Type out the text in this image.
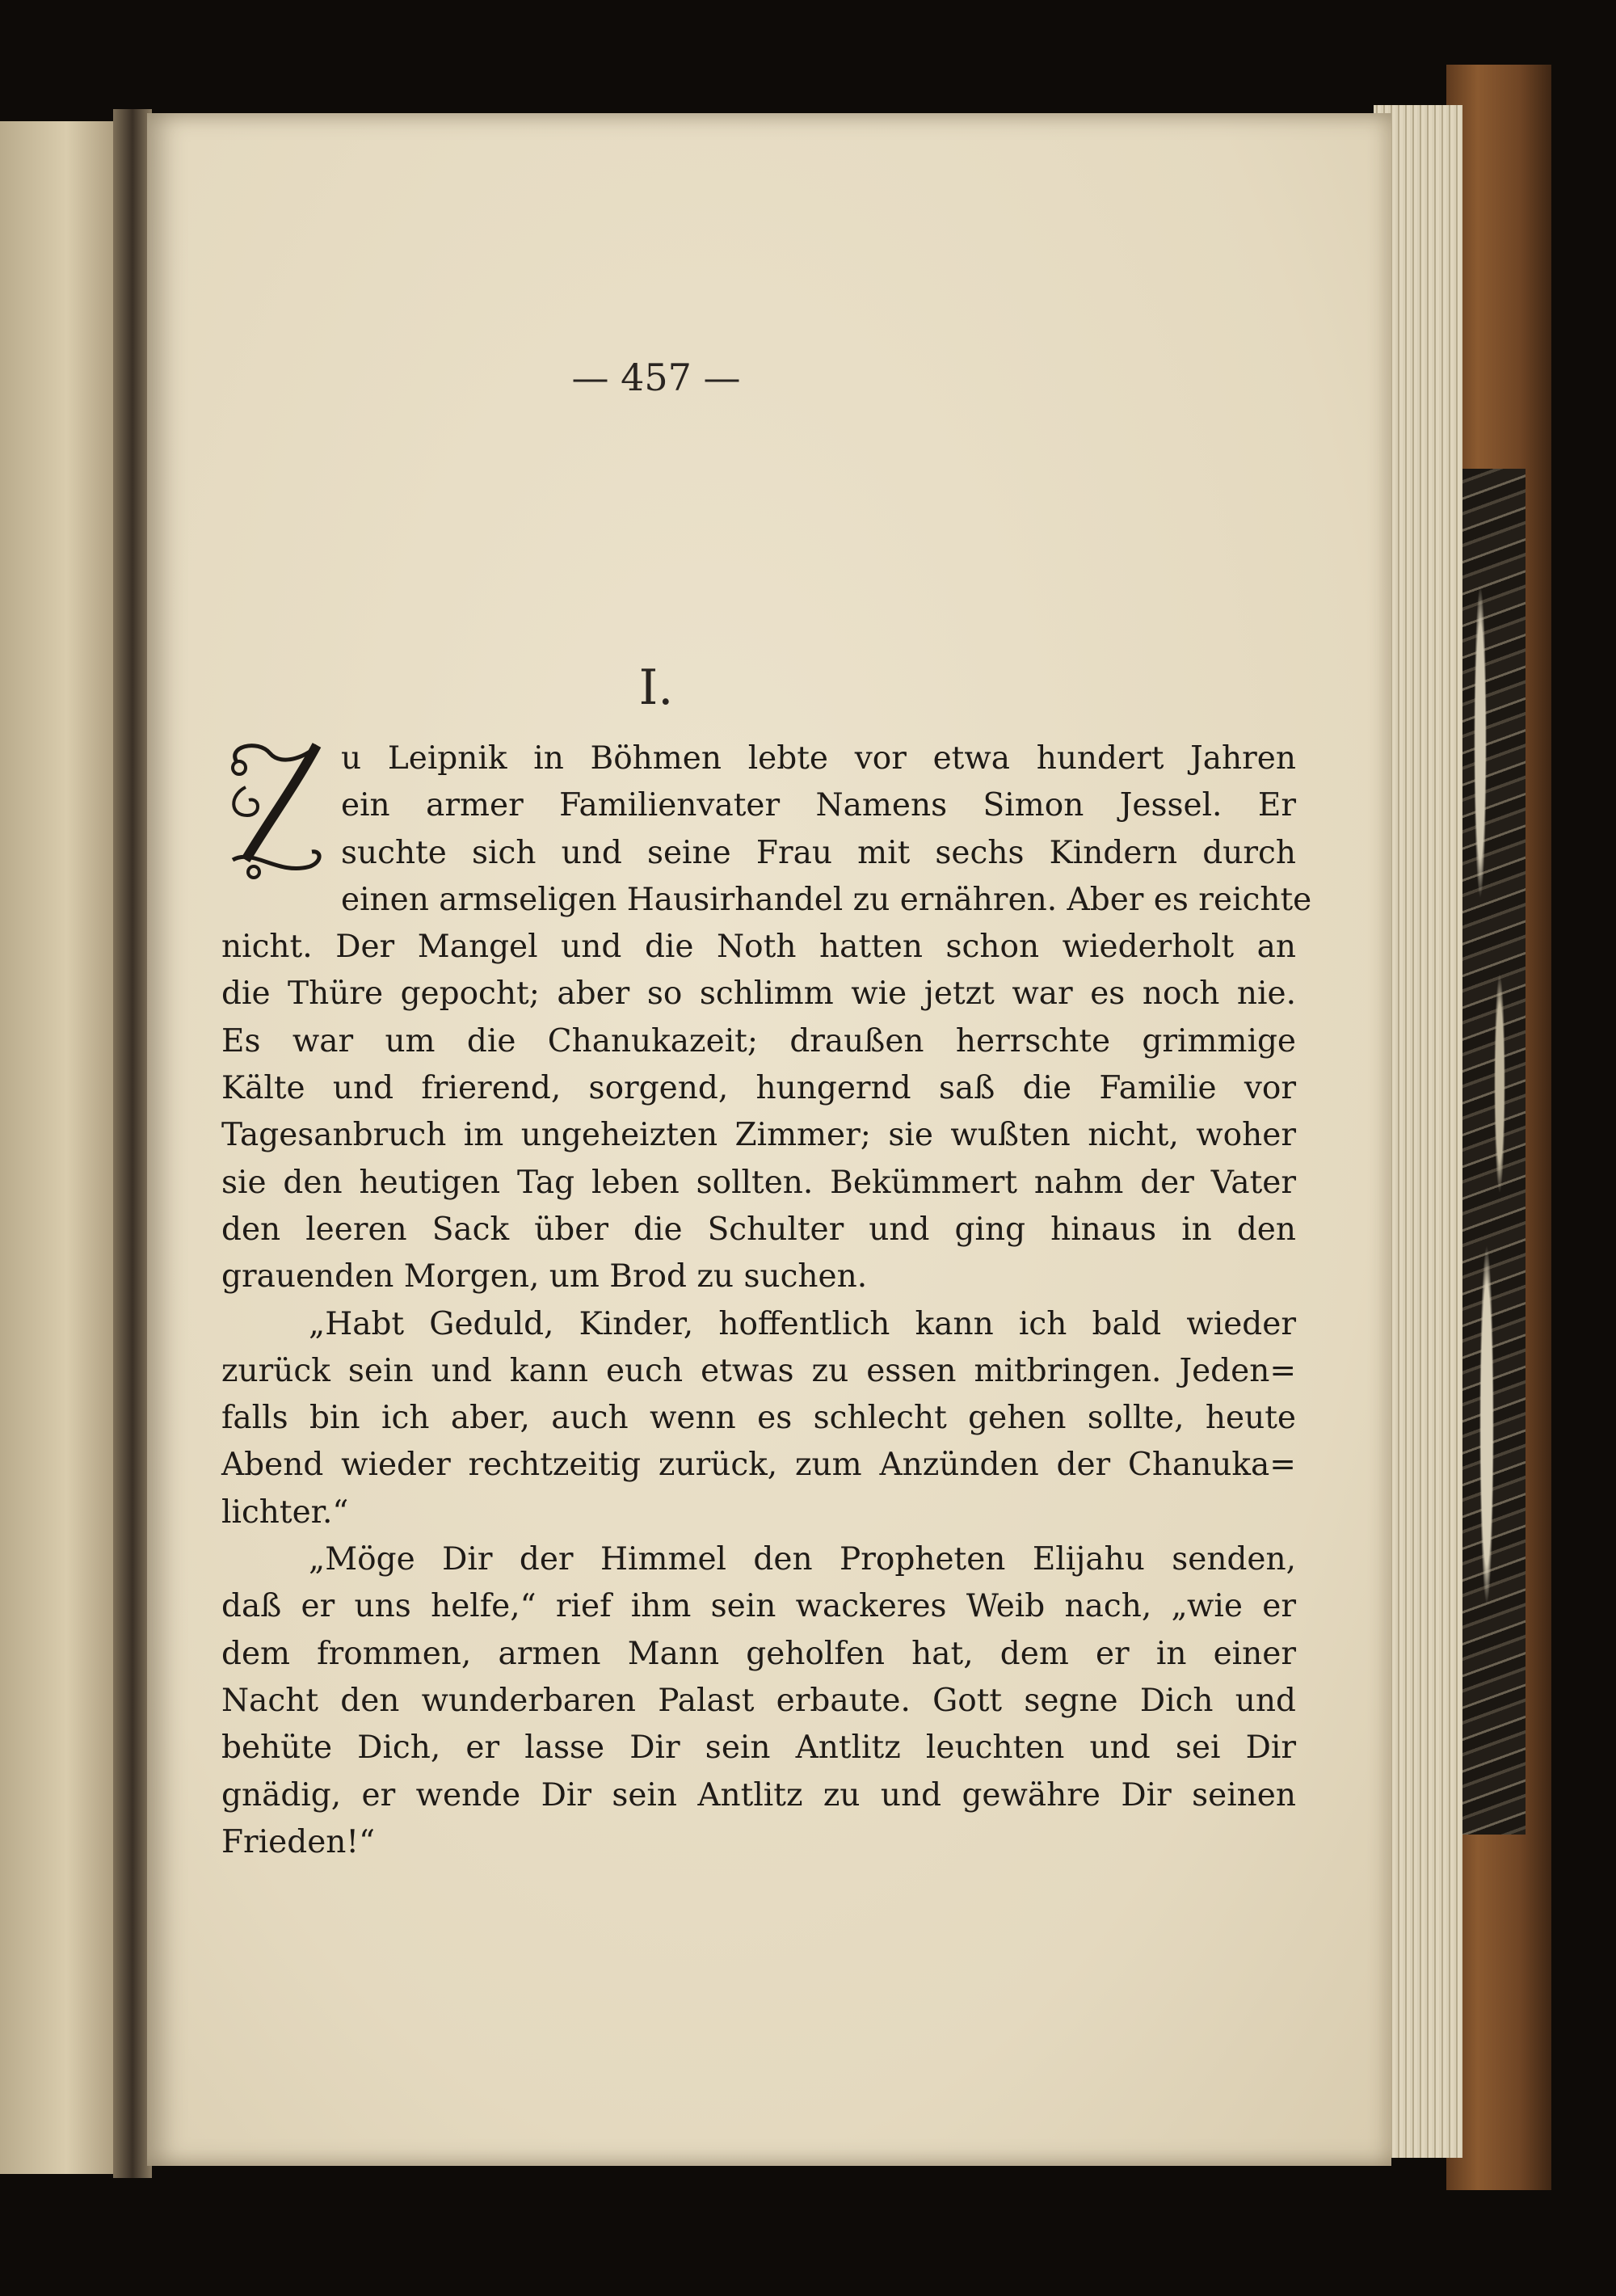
— 457 —
I.
u Leipnik in Böhmen lebte vor etwa hundert Jahren
ein armer Familienvater Namens Simon Jessel. Er
suchte sich und seine Frau mit sechs Kindern durch
einen armseligen Hausirhandel zu ernähren. Aber es reichte
nicht. Der Mangel und die Noth hatten schon wiederholt an
die Thüre gepocht; aber so schlimm wie jetzt war es noch nie.
Es war um die Chanukazeit; draußen herrschte grimmige
Kälte und frierend, sorgend, hungernd saß die Familie vor
Tagesanbruch im ungeheizten Zimmer; sie wußten nicht, woher
sie den heutigen Tag leben sollten. Bekümmert nahm der Vater
den leeren Sack über die Schulter und ging hinaus in den
grauenden Morgen, um Brod zu suchen.
„Habt Geduld, Kinder, hoffentlich kann ich bald wieder
zurück sein und kann euch etwas zu essen mitbringen. Jeden=
falls bin ich aber, auch wenn es schlecht gehen sollte, heute
Abend wieder rechtzeitig zurück, zum Anzünden der Chanuka=
lichter.“
„Möge Dir der Himmel den Propheten Elijahu senden,
daß er uns helfe,“ rief ihm sein wackeres Weib nach, „wie er
dem frommen, armen Mann geholfen hat, dem er in einer
Nacht den wunderbaren Palast erbaute. Gott segne Dich und
behüte Dich, er lasse Dir sein Antlitz leuchten und sei Dir
gnädig, er wende Dir sein Antlitz zu und gewähre Dir seinen
Frieden!“
